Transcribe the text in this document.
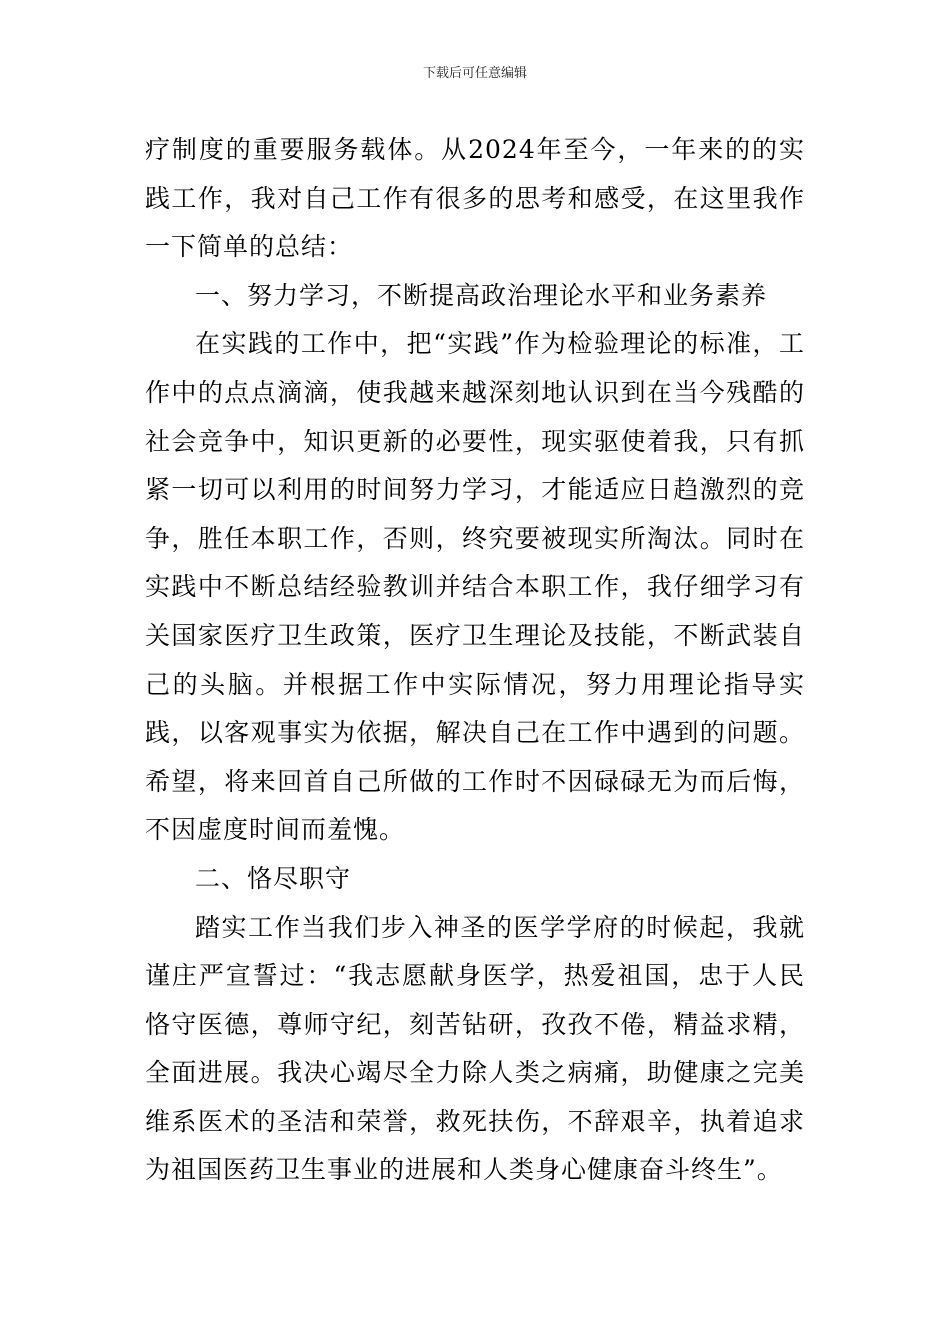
下载后可任意编辑

疗制度的重要服务载体。从2024年至今，一年来的的实践工作，我对自己工作有很多的思考和感受，在这里我作一下简单的总结：

一、努力学习，不断提高政治理论水平和业务素养

在实践的工作中，把“实践”作为检验理论的标准，工作中的点点滴滴，使我越来越深刻地认识到在当今残酷的社会竞争中，知识更新的必要性，现实驱使着我，只有抓紧一切可以利用的时间努力学习，才能适应日趋激烈的竞争，胜任本职工作，否则，终究要被现实所淘汰。同时在实践中不断总结经验教训并结合本职工作，我仔细学习有关国家医疗卫生政策，医疗卫生理论及技能，不断武装自己的头脑。并根据工作中实际情况，努力用理论指导实践，以客观事实为依据，解决自己在工作中遇到的问题。希望，将来回首自己所做的工作时不因碌碌无为而后悔，不因虚度时间而羞愧。

二、恪尽职守

踏实工作当我们步入神圣的医学学府的时候起，我就谨庄严宣誓过：“我志愿献身医学，热爱祖国，忠于人民恪守医德，尊师守纪，刻苦钻研，孜孜不倦，精益求精，全面进展。我决心竭尽全力除人类之病痛，助健康之完美维系医术的圣洁和荣誉，救死扶伤，不辞艰辛，执着追求为祖国医药卫生事业的进展和人类身心健康奋斗终生”。
